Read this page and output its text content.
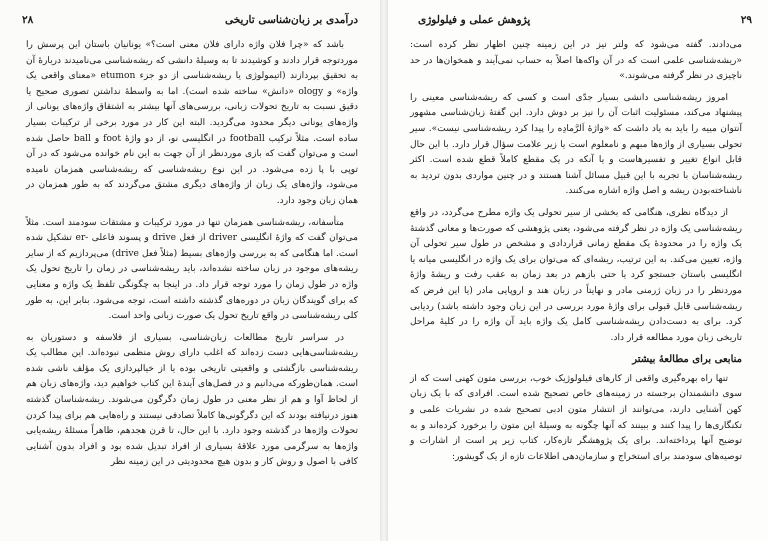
درآمدی بر زبان‌شناسی تاریخی
۲۸

باشد که «چرا فلان واژه دارای فلان معنی است؟» یونانیان باستان این پرسش را موردتوجه قرار دادند و کوشیدند تا به وسیلهٔ دانشی که ریشه‌شناسی می‌نامیدند دربارهٔ آن به تحقیق بپردازند (اتیمولوژی یا ریشه‌شناسی از دو جزء etumon «معنای واقعی یک واژه» و ology «دانش» ساخته شده است). اما به واسطهٔ نداشتن تصوری صحیح یا دقیق نسبت به تاریخ تحولات زبانی، بررسی‌های آنها بیشتر به اشتقاق واژه‌های یونانی از واژه‌های یونانی دیگر محدود می‌گردید. البته این کار در مورد برخی از ترکیبات بسیار ساده است. مثلاً ترکیب football در انگلیسی نو، از دو واژهٔ foot و ball حاصل شده است و می‌توان گفت که بازی موردنظر از آن جهت به این نام خوانده می‌شود که در آن توپی با پا زده می‌شود. در این نوع ریشه‌شناسی که ریشه‌شناسی همزمان نامیده می‌شود، واژه‌های یک زبان از واژه‌های دیگری مشتق می‌گردند که به طور همزمان در همان زبان وجود دارد.

متأسفانه، ریشه‌شناسی همزمان تنها در مورد ترکیبات و مشتقات سودمند است. مثلاً می‌توان گفت که واژهٔ انگلیسی driver از فعل drive و پسوند فاعلی -er تشکیل شده است. اما هنگامی که به بررسی واژه‌های بسیط (مثلاً فعل drive) می‌پردازیم که از سایر ریشه‌های موجود در زبان ساخته نشده‌اند، باید ریشه‌شناسی در زمان را تاریخ تحول یک واژه در طول زمان را مورد توجه قرار داد. در اینجا به چگونگی تلفظ یک واژه و معنایی که برای گویندگان زبان در دوره‌های گذشته داشته است، توجه می‌شود. بنابر این، به طور کلی ریشه‌شناسی در واقع تاریخ تحول یک صورت زبانی واحد است.

در سراسر تاریخ مطالعات زبان‌شناسی، بسیاری از فلاسفه و دستوریان به ریشه‌شناسی‌هایی دست زده‌اند که اغلب دارای روش منظمی نبوده‌اند. این مطالب یک ریشه‌شناسی بازگشتی و واقعیتی تاریخی بوده یا از خیالپردازی یک مؤلف ناشی شده است. همان‌طورکه می‌دانیم و در فصل‌های آیندهٔ این کتاب خواهیم دید، واژه‌های زبان هم از لحاظ آوا و هم از نظر معنی در طول زمان دگرگون می‌شوند. ریشه‌شناسان گذشته هنوز درنیافته بودند که این دگرگونی‌ها کاملاً تصادفی نیستند و راه‌هایی هم برای پیدا کردن تحولات واژه‌ها در گذشته وجود دارد. با این حال، تا قرن هجدهم، ظاهراً مسئلهٔ ریشه‌یابی واژه‌ها به سرگرمی مورد علاقهٔ بسیاری از افراد تبدیل شده بود و افراد بدون آشنایی کافی با اصول و روش کار و بدون هیچ محدودیتی در این زمینه نظر

پژوهش عملی و فیلولوژی	۲۹

می‌دادند. گفته می‌شود که ولتر نیز در این زمینه چنین اظهار نظر کرده است: «ریشه‌شناسی علمی است که در آن واکه‌ها اصلاً به حساب نمی‌آیند و همخوان‌ها در حد ناچیزی در نظر گرفته می‌شوند.»

امروز ریشه‌شناسی دانشی بسیار جدّی است و کسی که ریشه‌شناسی معینی را پیشنهاد می‌کند، مسئولیت اثبات آن را نیز بر دوش دارد. این گفتهٔ زبان‌شناسی مشهور آنتوان مییه را باید به یاد داشت که «واژهٔ اَلرَّمادِه را پیدا کرد ریشه‌شناسی نیست». سیر تحولی بسیاری از واژه‌ها مبهم و نامعلوم است یا زیر علامت سؤال قرار دارد. با این حال قابل انواع تغییر و تفسیرهاست و یا آنکه در یک مقطع کاملاً قطع شده است. اکثر ریشه‌شناسان با تجربه با این قبیل مسائل آشنا هستند و در چنین مواردی بدون تردید به ناشناخته‌بودن ریشه و اصل واژه اشاره می‌کنند.

از دیدگاه نظری، هنگامی که بخشی از سیر تحولی یک واژه مطرح می‌گردد، در واقع ریشه‌شناسی یک واژه در نظر گرفته می‌شود، یعنی پژوهشی که صورت‌ها و معانی گذشتهٔ یک واژه را در محدودهٔ یک مقطع زمانی قراردادی و مشخص در طول سیر تحولی آن واژه، تعیین می‌کند. به این ترتیب، ریشه‌ای که می‌توان برای یک واژه در انگلیسی میانه یا انگلیسی باستان جستجو کرد یا حتی بازهم در بعد زمان به عقب رفت و ریشهٔ واژهٔ موردنظر را در زبان ژرمنی مادر و نهایتاً در زبان هند و اروپایی مادر (یا این فرض که ریشه‌شناسی قابل قبولی برای واژهٔ مورد بررسی در این زبان وجود داشته باشد) ردیابی کرد. برای به دست‌دادن ریشه‌شناسی کامل یک واژه باید آن واژه را در کلیهٔ مراحل تاریخی زبان مورد مطالعه قرار داد.

منابعی برای مطالعهٔ بیشتر

تنها راه بهره‌گیری واقعی از کارهای فیلولوژیک خوب، بررسی متون کهنی است که از سوی دانشمندان برجسته در زمینه‌های خاص تصحیح شده است. افرادی که با یک زبان کهن آشنایی دارند، می‌توانند از انتشار متون ادبی تصحیح شده در نشریات علمی و تکنگاری‌ها را پیدا کنند و ببینند که آنها چگونه به وسیلهٔ این متون را برخورد کرده‌اند و به توضیح آنها پرداخته‌اند. برای یک پژوهشگر تازه‌کار، کتاب زیر پر است از اشارات و توصیه‌های سودمند برای استخراج و سازمان‌دهی اطلاعات تازه از یک گویشور:
